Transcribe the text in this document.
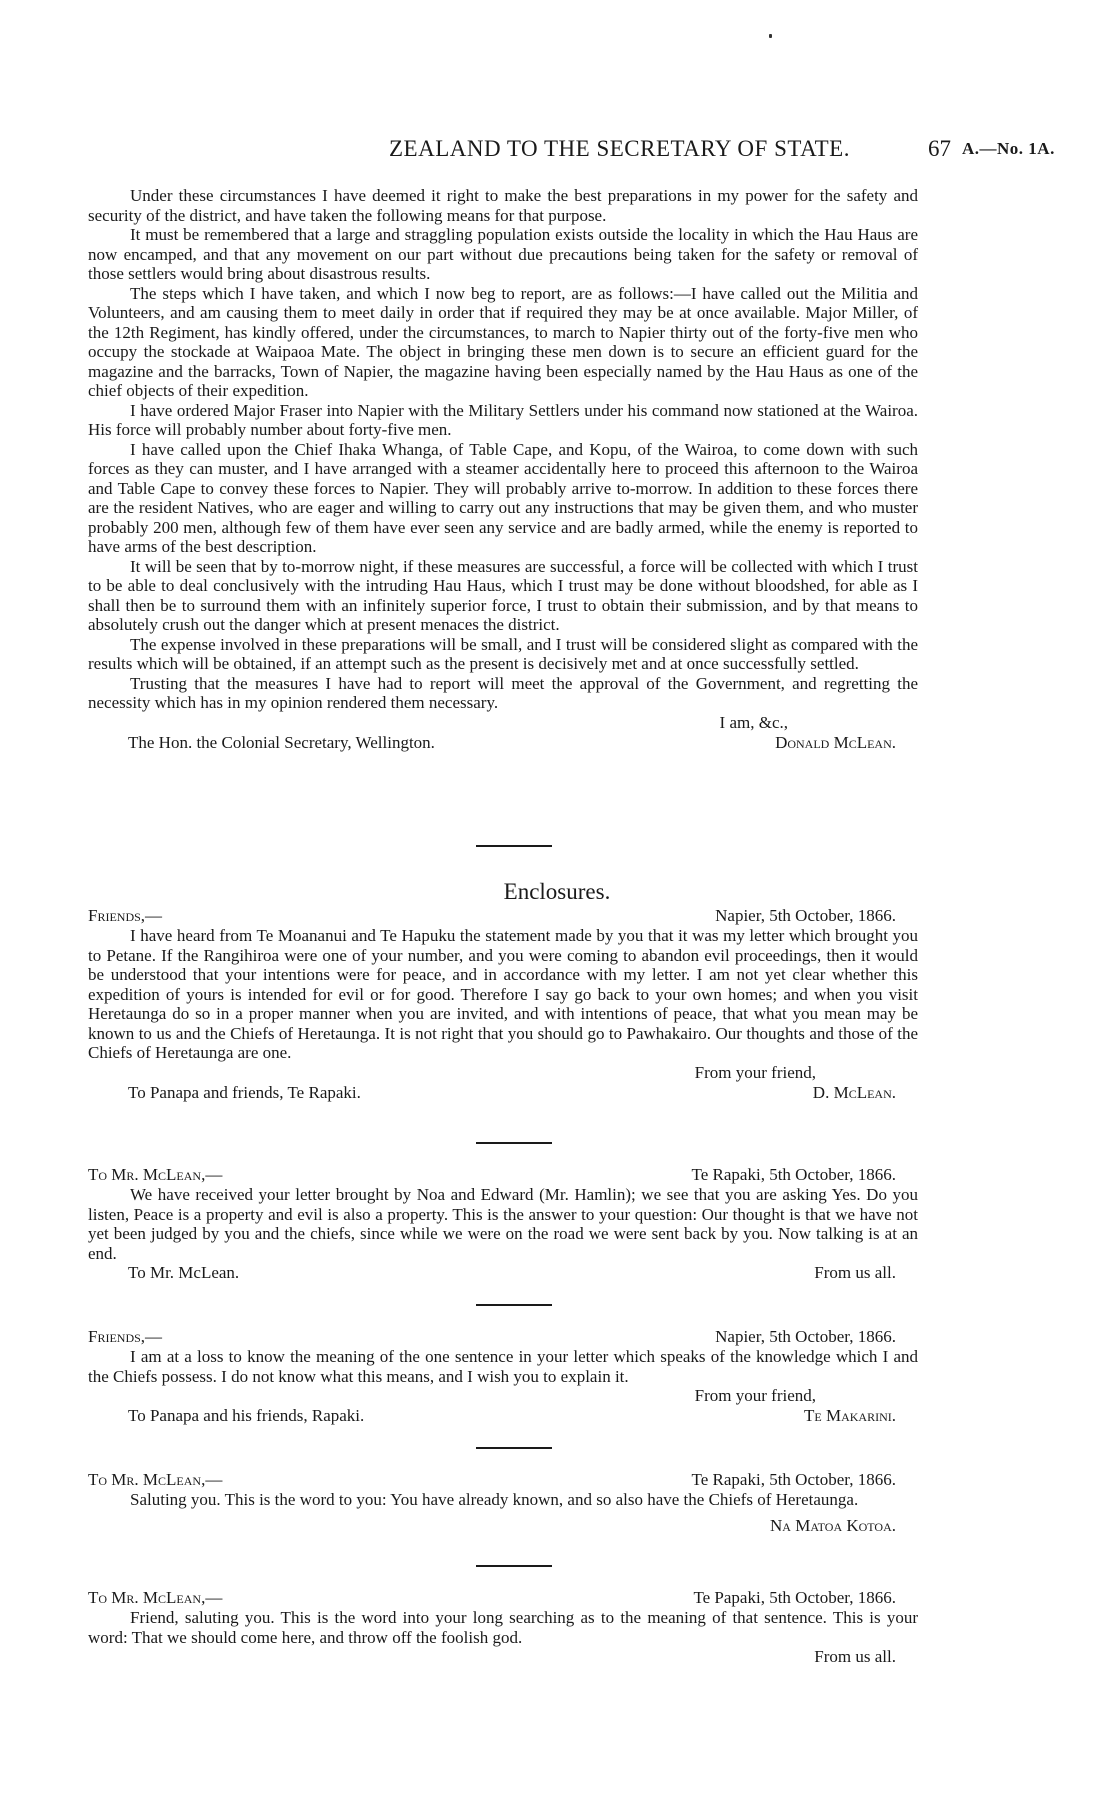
ZEALAND TO THE SECRETARY OF STATE.	67 A.—No. 1A.

Under these circumstances I have deemed it right to make the best preparations in my power for the safety and security of the district, and have taken the following means for that purpose.

It must be remembered that a large and straggling population exists outside the locality in which the Hau Haus are now encamped, and that any movement on our part without due precautions being taken for the safety or removal of those settlers would bring about disastrous results.

The steps which I have taken, and which I now beg to report, are as follows:—I have called out the Militia and Volunteers, and am causing them to meet daily in order that if required they may be at once available. Major Miller, of the 12th Regiment, has kindly offered, under the circumstances, to march to Napier thirty out of the forty-five men who occupy the stockade at Waipaoa Mate. The object in bringing these men down is to secure an efficient guard for the magazine and the barracks, Town of Napier, the magazine having been especially named by the Hau Haus as one of the chief objects of their expedition.

I have ordered Major Fraser into Napier with the Military Settlers under his command now stationed at the Wairoa. His force will probably number about forty-five men.

I have called upon the Chief Ihaka Whanga, of Table Cape, and Kopu, of the Wairoa, to come down with such forces as they can muster, and I have arranged with a steamer accidentally here to proceed this afternoon to the Wairoa and Table Cape to convey these forces to Napier. They will probably arrive to-morrow. In addition to these forces there are the resident Natives, who are eager and willing to carry out any instructions that may be given them, and who muster probably 200 men, although few of them have ever seen any service and are badly armed, while the enemy is reported to have arms of the best description.

It will be seen that by to-morrow night, if these measures are successful, a force will be collected with which I trust to be able to deal conclusively with the intruding Hau Haus, which I trust may be done without bloodshed, for able as I shall then be to surround them with an infinitely superior force, I trust to obtain their submission, and by that means to absolutely crush out the danger which at present menaces the district.

The expense involved in these preparations will be small, and I trust will be considered slight as compared with the results which will be obtained, if an attempt such as the present is decisively met and at once successfully settled.

Trusting that the measures I have had to report will meet the approval of the Government, and regretting the necessity which has in my opinion rendered them necessary.

I am, &c.,
The Hon. the Colonial Secretary, Wellington.	Donald McLean.
Enclosures.
Friends,—	Napier, 5th October, 1866.

I have heard from Te Moananui and Te Hapuku the statement made by you that it was my letter which brought you to Petane. If the Rangihiroa were one of your number, and you were coming to abandon evil proceedings, then it would be understood that your intentions were for peace, and in accordance with my letter. I am not yet clear whether this expedition of yours is intended for evil or for good. Therefore I say go back to your own homes; and when you visit Heretaunga do so in a proper manner when you are invited, and with intentions of peace, that what you mean may be known to us and the Chiefs of Heretaunga. It is not right that you should go to Pawhakairo. Our thoughts and those of the Chiefs of Heretaunga are one.

From your friend,
To Panapa and friends, Te Rapaki.	D. McLean.
To Mr. McLean,—	Te Rapaki, 5th October, 1866.

We have received your letter brought by Noa and Edward (Mr. Hamlin); we see that you are asking Yes. Do you listen, Peace is a property and evil is also a property. This is the answer to your question: Our thought is that we have not yet been judged by you and the chiefs, since while we were on the road we were sent back by you. Now talking is at an end.

To Mr. McLean.	From us all.
Friends,—	Napier, 5th October, 1866.

I am at a loss to know the meaning of the one sentence in your letter which speaks of the knowledge which I and the Chiefs possess. I do not know what this means, and I wish you to explain it.

From your friend,
To Panapa and his friends, Rapaki.	Te Makarini.
To Mr. McLean,—	Te Rapaki, 5th October, 1866.

Saluting you. This is the word to you: You have already known, and so also have the Chiefs of Heretaunga.

Na Matoa Kotoa.
To Mr. McLean,—	Te Papaki, 5th October, 1866.

Friend, saluting you. This is the word into your long searching as to the meaning of that sentence. This is your word: That we should come here, and throw off the foolish god.

From us all.
